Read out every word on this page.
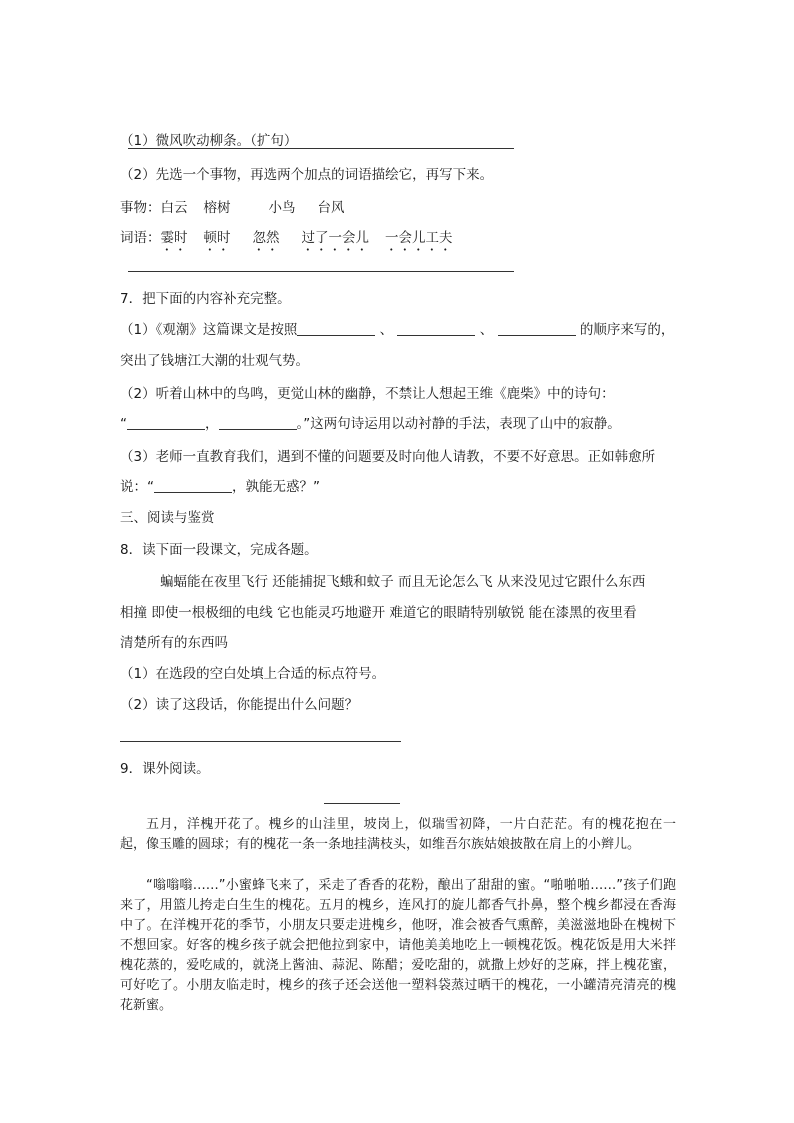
（1）微风吹动柳条。（扩句）
（2）先选一个事物，再选两个加点的词语描绘它，再写下来。
事物：白云 榕树	小鸟 台风
词语：霎时 顿时 忽然 过了一会儿 一会儿工夫
7．把下面的内容补充完整。
（1）《观潮》这篇课文是按照	、	、	的顺序来写的，
突出了钱塘江大潮的壮观气势。
（2）听着山林中的鸟鸣，更觉山林的幽静，不禁让人想起王维《鹿柴》中的诗句：
“	，	。”这两句诗运用以动衬静的手法，表现了山中的寂静。
（3）老师一直教育我们，遇到不懂的问题要及时向他人请教，不要不好意思。正如韩愈所
说：“	，孰能无惑？”
三、阅读与鉴赏
8．读下面一段课文，完成各题。
蝙蝠能在夜里飞行 还能捕捉飞蛾和蚊子 而且无论怎么飞 从来没见过它跟什么东西
相撞 即使一根极细的电线 它也能灵巧地避开 难道它的眼睛特别敏锐 能在漆黑的夜里看
清楚所有的东西吗
（1）在选段的空白处填上合适的标点符号。
（2）读了这段话，你能提出什么问题？
9．课外阅读。
五月，洋槐开花了。槐乡的山洼里，坡岗上，似瑞雪初降，一片白茫茫。有的槐花抱在一起，像玉雕的圆球；有的槐花一条一条地挂满枝头，如维吾尔族姑娘披散在肩上的小辫儿。
“嗡嗡嗡……”小蜜蜂飞来了，采走了香香的花粉，酿出了甜甜的蜜。“啪啪啪……”孩子们跑来了，用篮儿挎走白生生的槐花。五月的槐乡，连风打的旋儿都香气扑鼻，整个槐乡都浸在香海中了。在洋槐开花的季节，小朋友只要走进槐乡，他呀，准会被香气熏醉，美滋滋地卧在槐树下不想回家。好客的槐乡孩子就会把他拉到家中，请他美美地吃上一顿槐花饭。槐花饭是用大米拌槐花蒸的，爱吃咸的，就浇上酱油、蒜泥、陈醋；爱吃甜的，就撒上炒好的芝麻，拌上槐花蜜，可好吃了。小朋友临走时，槐乡的孩子还会送他一塑料袋蒸过晒干的槐花，一小罐清亮清亮的槐花新蜜。
